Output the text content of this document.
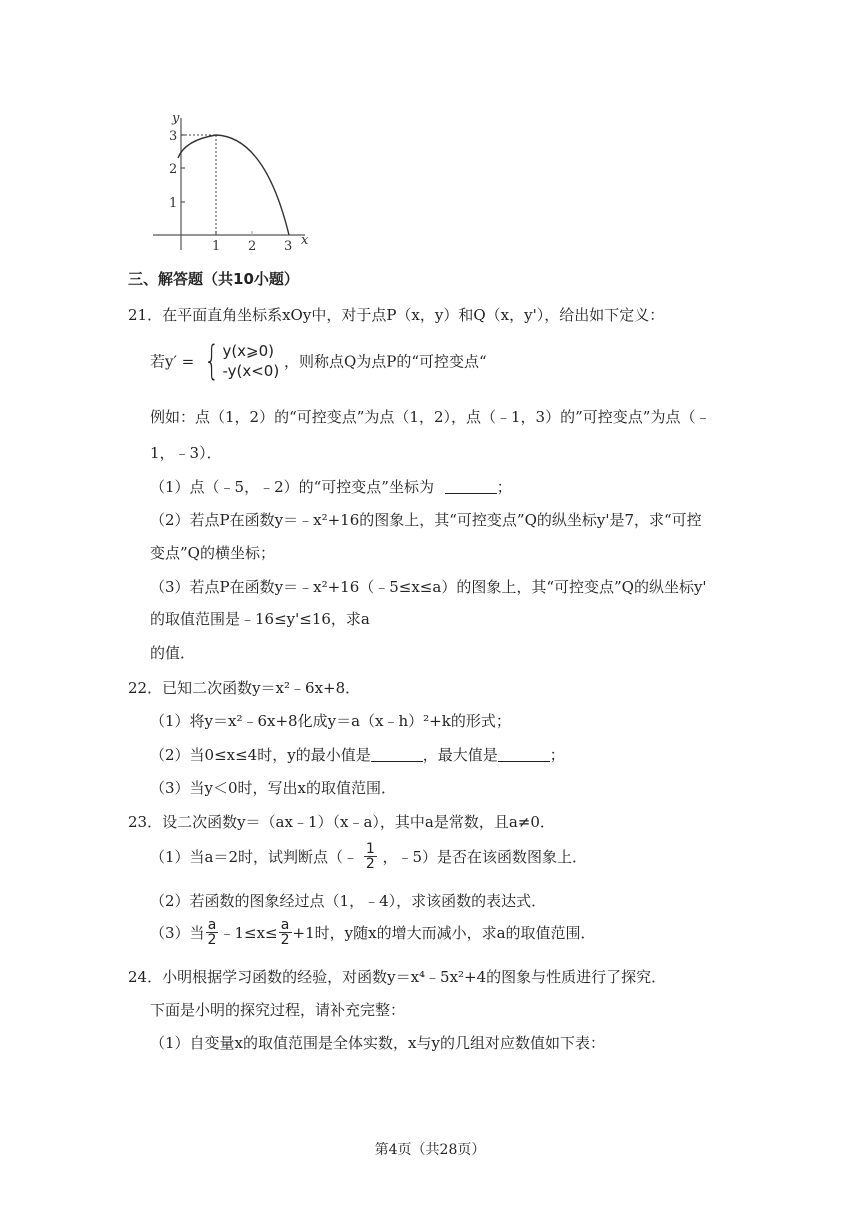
y
x
3
2
1
1 2 3
三、解答题（共10小题）
21．在平面直角坐标系xOy中，对于点P（x，y）和Q（x，y'），给出如下定义：
若y′ = { y(x⩾0)
-y(x<0)
，则称点Q为点P的“可控变点“
例如：点（1，2）的“可控变点”为点（1，2），点（﹣1，3）的”可控变点”为点（﹣
1，﹣3）．
（1）点（﹣5，﹣2）的“可控变点”坐标为	；
（2）若点P在函数y＝﹣x²+16的图象上，其“可控变点”Q的纵坐标y'是7，求“可控
变点”Q的横坐标；
（3）若点P在函数y＝﹣x²+16（﹣5≤x≤a）的图象上，其“可控变点”Q的纵坐标y'
的取值范围是﹣16≤y'≤16，求a
的值．
22．已知二次函数y＝x²﹣6x+8．
（1）将y＝x²﹣6x+8化成y＝a（x﹣h）²+k的形式；
（2）当0≤x≤4时，y的最小值是	，最大值是	；
（3）当y＜0时，写出x的取值范围．
23．设二次函数y＝（ax﹣1）（x﹣a），其中a是常数，且a≠0．
（1）当a＝2时，试判断点（﹣ $\frac{1}{2}$ ，﹣5）是否在该函数图象上．
（2）若函数的图象经过点（1，﹣4），求该函数的表达式．
（3）当 $\frac{a}{2}$ ﹣1≤x≤ $\frac{a}{2} +1$时，y随x的增大而减小，求a的取值范围．
24．小明根据学习函数的经验，对函数y＝x⁴﹣5x²+4的图象与性质进行了探究．
下面是小明的探究过程，请补充完整：
（1）自变量x的取值范围是全体实数，x与y的几组对应数值如下表：
第4页（共28页）
